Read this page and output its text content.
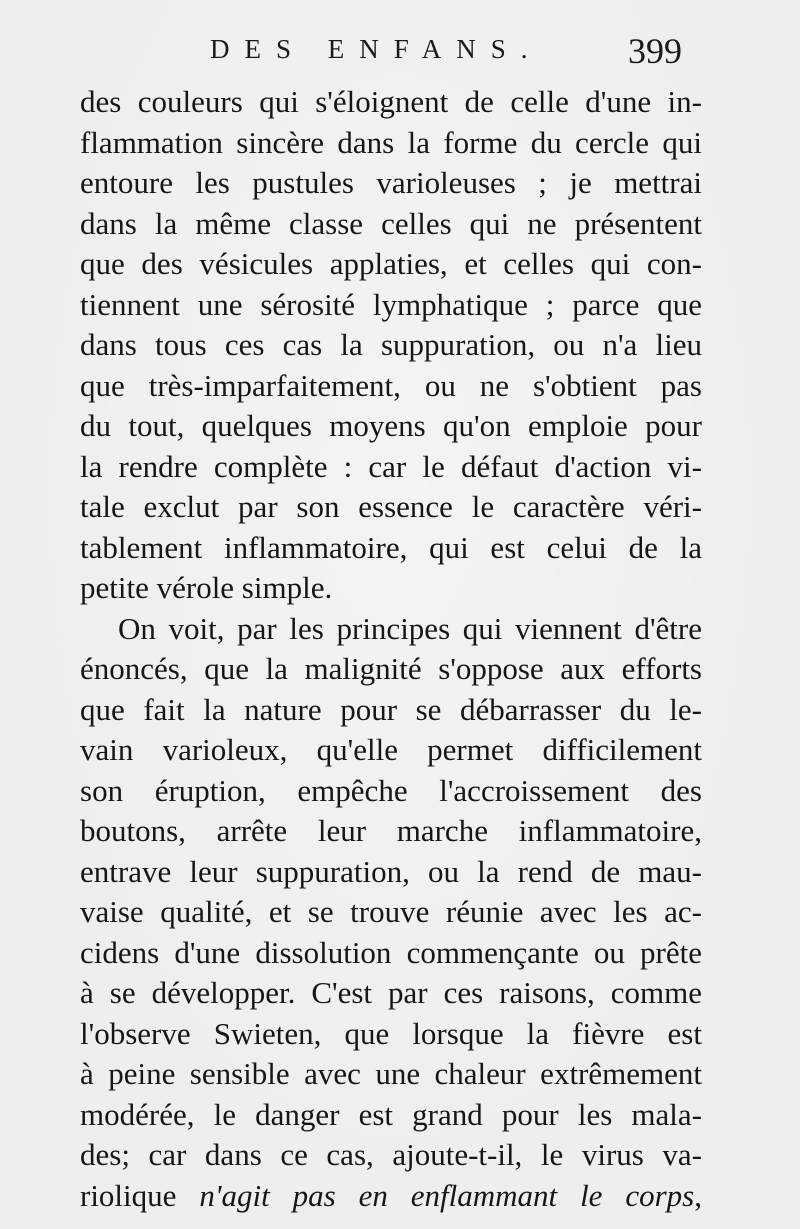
DES ENFANS. 399
des couleurs qui s'éloignent de celle d'une in-
flammation sincère dans la forme du cercle qui
entoure les pustules varioleuses ; je mettrai
dans la même classe celles qui ne présentent
que des vésicules applaties, et celles qui con-
tiennent une sérosité lymphatique ; parce que
dans tous ces cas la suppuration, ou n'a lieu
que très-imparfaitement, ou ne s'obtient pas
du tout, quelques moyens qu'on emploie pour
la rendre complète : car le défaut d'action vi-
tale exclut par son essence le caractère véri-
tablement inflammatoire, qui est celui de la
petite vérole simple.
On voit, par les principes qui viennent d'être
énoncés, que la malignité s'oppose aux efforts
que fait la nature pour se débarrasser du le-
vain varioleux, qu'elle permet difficilement
son éruption, empêche l'accroissement des
boutons, arrête leur marche inflammatoire,
entrave leur suppuration, ou la rend de mau-
vaise qualité, et se trouve réunie avec les ac-
cidens d'une dissolution commençante ou prête
à se développer. C'est par ces raisons, comme
l'observe Swieten, que lorsque la fièvre est
à peine sensible avec une chaleur extrêmement
modérée, le danger est grand pour les mala-
des; car dans ce cas, ajoute-t-il, le virus va-
riolique n'agit pas en enflammant le corps,
